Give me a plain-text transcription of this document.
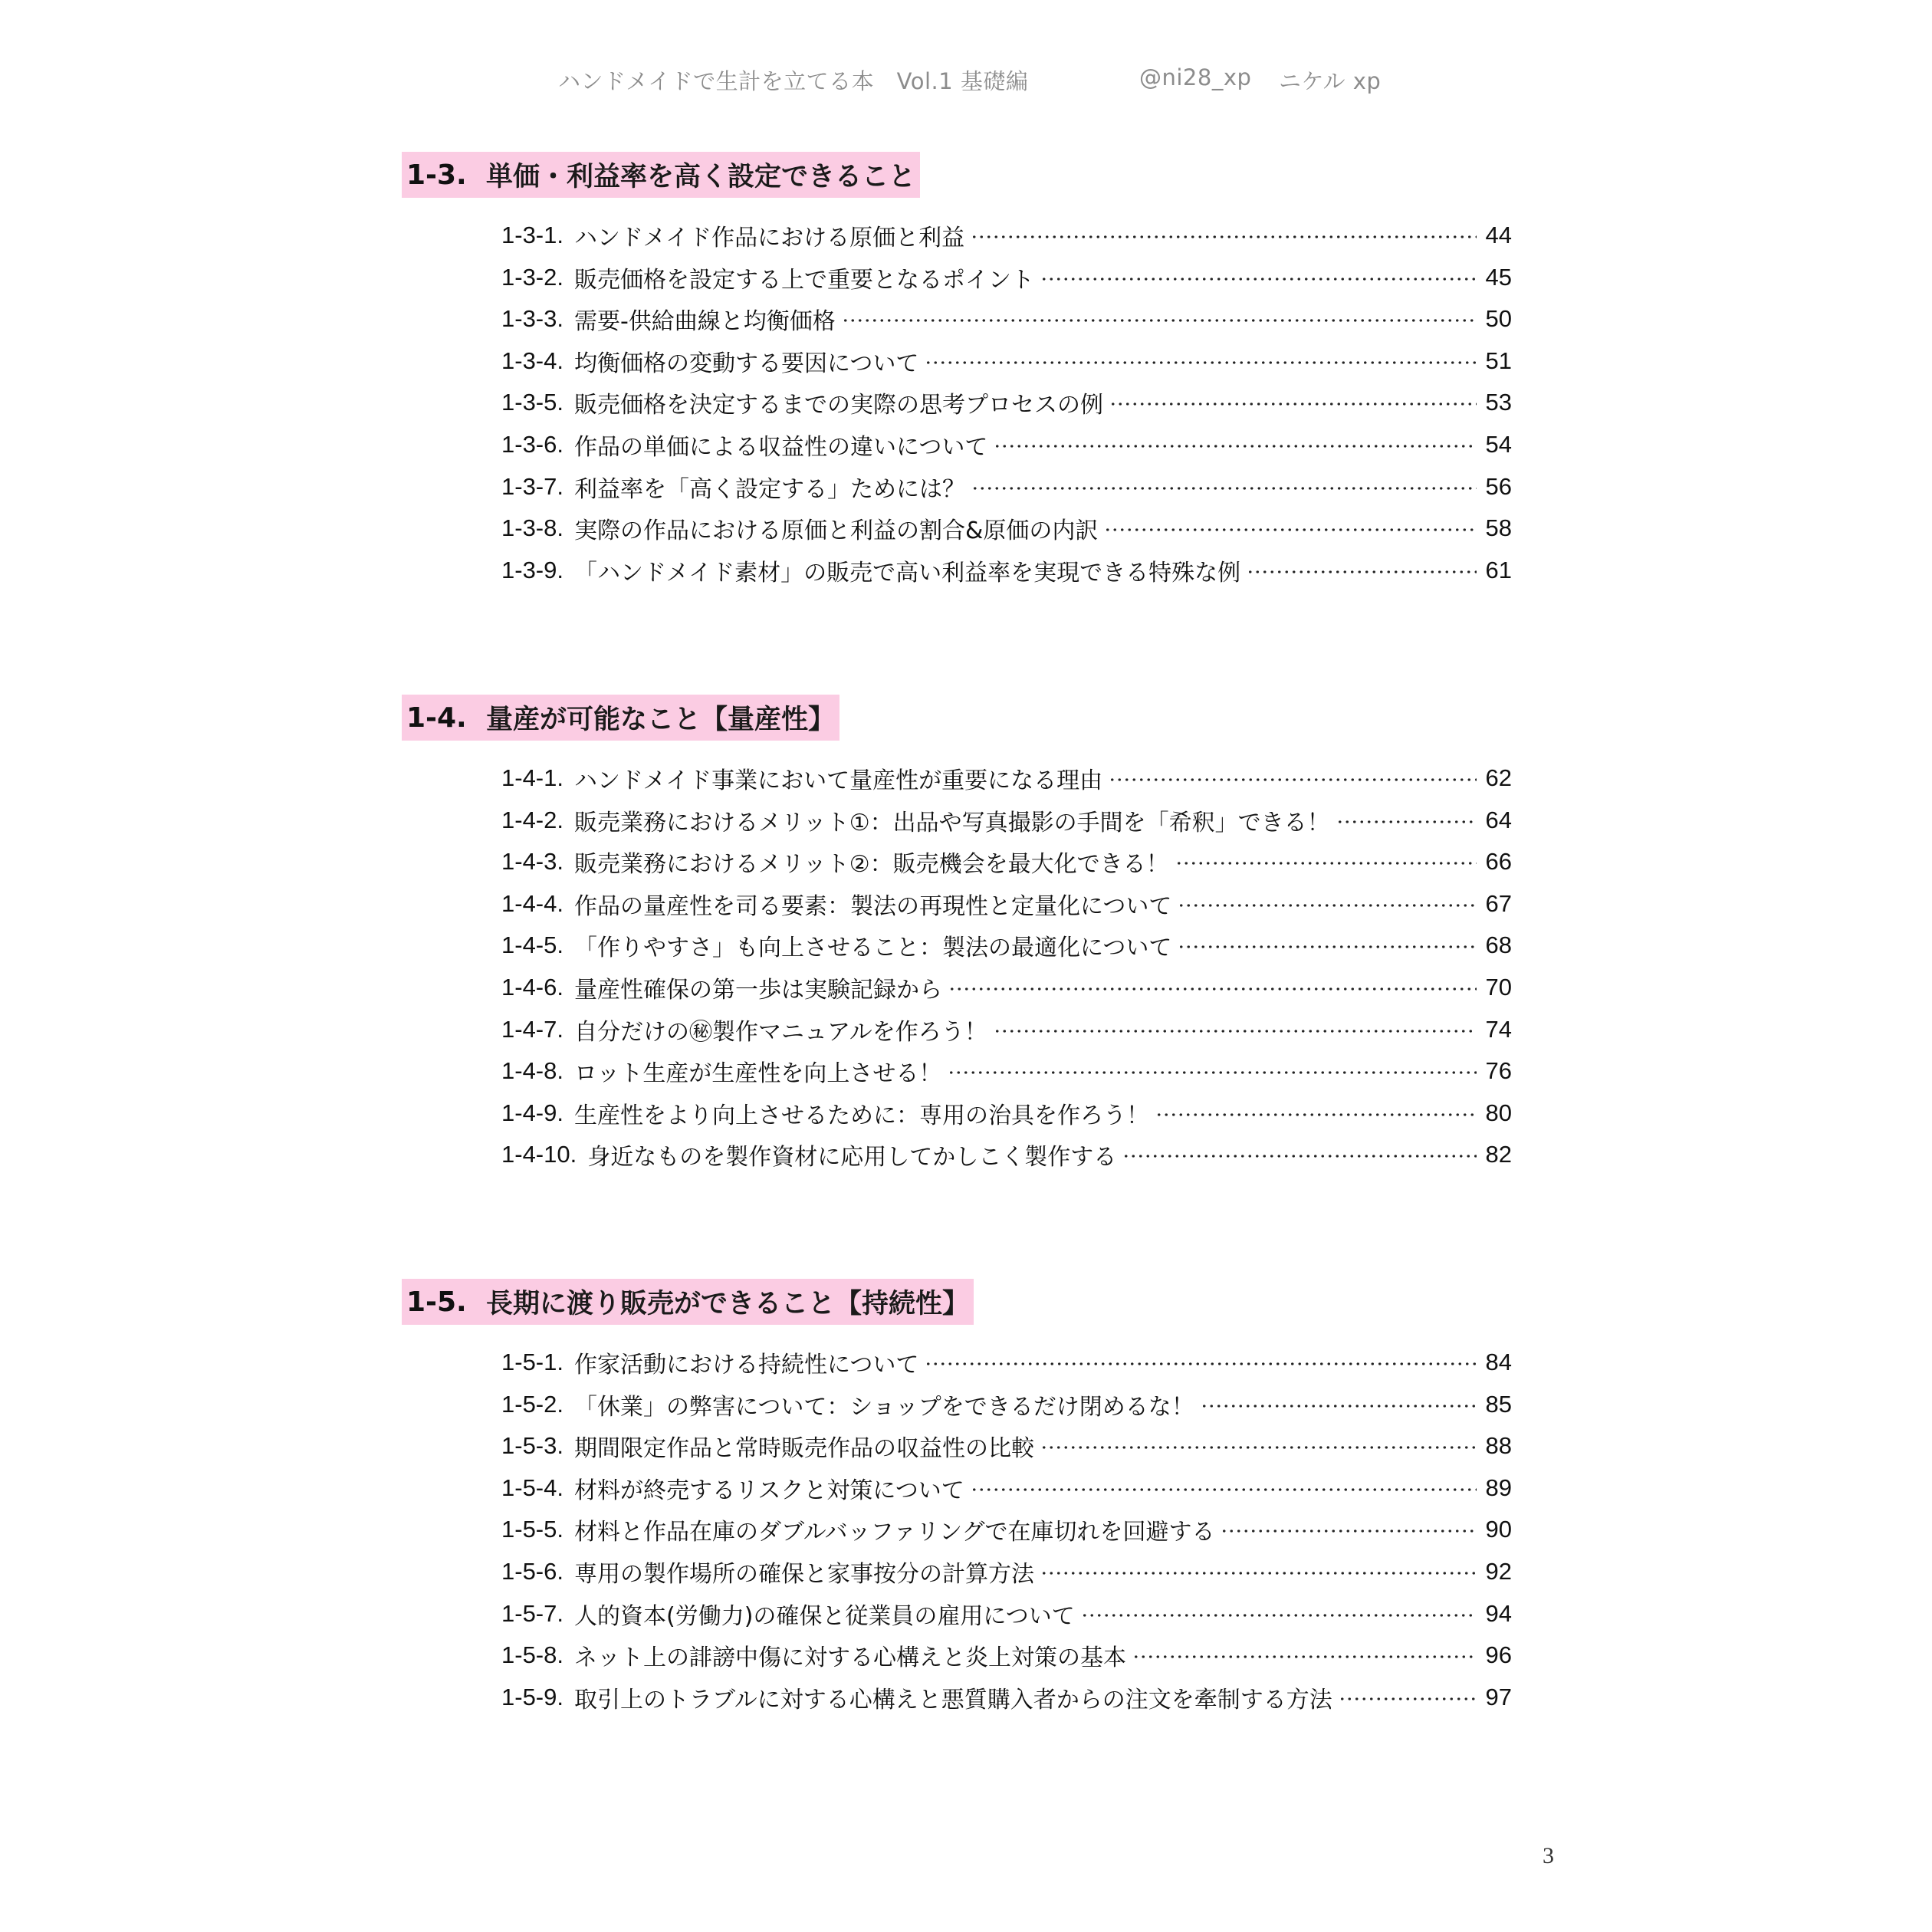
ハンドメイドで生計を立てる本　Vol.1 基礎編	@ni28_xp ニケル xp
1-3. 単価・利益率を高く設定できること
1-3-1. ハンドメイド作品における原価と利益	44
1-3-2. 販売価格を設定する上で重要となるポイント	45
1-3-3. 需要-供給曲線と均衡価格	50
1-3-4. 均衡価格の変動する要因について	51
1-3-5. 販売価格を決定するまでの実際の思考プロセスの例	53
1-3-6. 作品の単価による収益性の違いについて	54
1-3-7. 利益率を「高く設定する」ためには？	56
1-3-8. 実際の作品における原価と利益の割合&原価の内訳	58
1-3-9. 「ハンドメイド素材」の販売で高い利益率を実現できる特殊な例	61
1-4. 量産が可能なこと【量産性】
1-4-1. ハンドメイド事業において量産性が重要になる理由	62
1-4-2. 販売業務におけるメリット①：出品や写真撮影の手間を「希釈」できる！	64
1-4-3. 販売業務におけるメリット②：販売機会を最大化できる！	66
1-4-4. 作品の量産性を司る要素：製法の再現性と定量化について	67
1-4-5. 「作りやすさ」も向上させること：製法の最適化について	68
1-4-6. 量産性確保の第一歩は実験記録から	70
1-4-7. 自分だけの㊙製作マニュアルを作ろう！	74
1-4-8. ロット生産が生産性を向上させる！	76
1-4-9. 生産性をより向上させるために：専用の治具を作ろう！	80
1-4-10. 身近なものを製作資材に応用してかしこく製作する	82
1-5. 長期に渡り販売ができること【持続性】
1-5-1. 作家活動における持続性について	84
1-5-2. 「休業」の弊害について：ショップをできるだけ閉めるな！	85
1-5-3. 期間限定作品と常時販売作品の収益性の比較	88
1-5-4. 材料が終売するリスクと対策について	89
1-5-5. 材料と作品在庫のダブルバッファリングで在庫切れを回避する	90
1-5-6. 専用の製作場所の確保と家事按分の計算方法	92
1-5-7. 人的資本(労働力)の確保と従業員の雇用について	94
1-5-8. ネット上の誹謗中傷に対する心構えと炎上対策の基本	96
1-5-9. 取引上のトラブルに対する心構えと悪質購入者からの注文を牽制する方法	97
3
